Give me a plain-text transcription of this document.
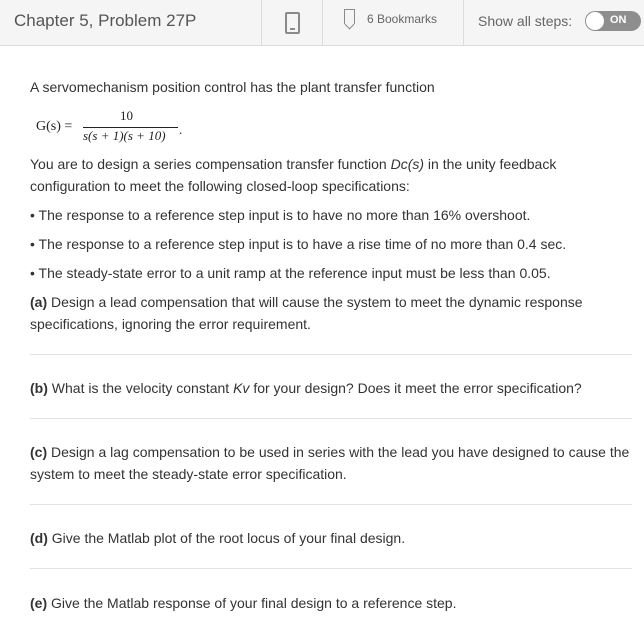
Chapter 5, Problem 27P	6 Bookmarks	Show all steps:	ON
A servomechanism position control has the plant transfer function
G(s) =
10
s(s + 1)(s + 10) .
You are to design a series compensation transfer function Dc(s) in the unity feedback
configuration to meet the following closed-loop specifications:
• The response to a reference step input is to have no more than 16% overshoot.
• The response to a reference step input is to have a rise time of no more than 0.4 sec.
• The steady-state error to a unit ramp at the reference input must be less than 0.05.
(a) Design a lead compensation that will cause the system to meet the dynamic response
specifications, ignoring the error requirement.
(b) What is the velocity constant Kv for your design? Does it meet the error specification?
(c) Design a lag compensation to be used in series with the lead you have designed to cause the
system to meet the steady-state error specification.
(d) Give the Matlab plot of the root locus of your final design.
(e) Give the Matlab response of your final design to a reference step.
